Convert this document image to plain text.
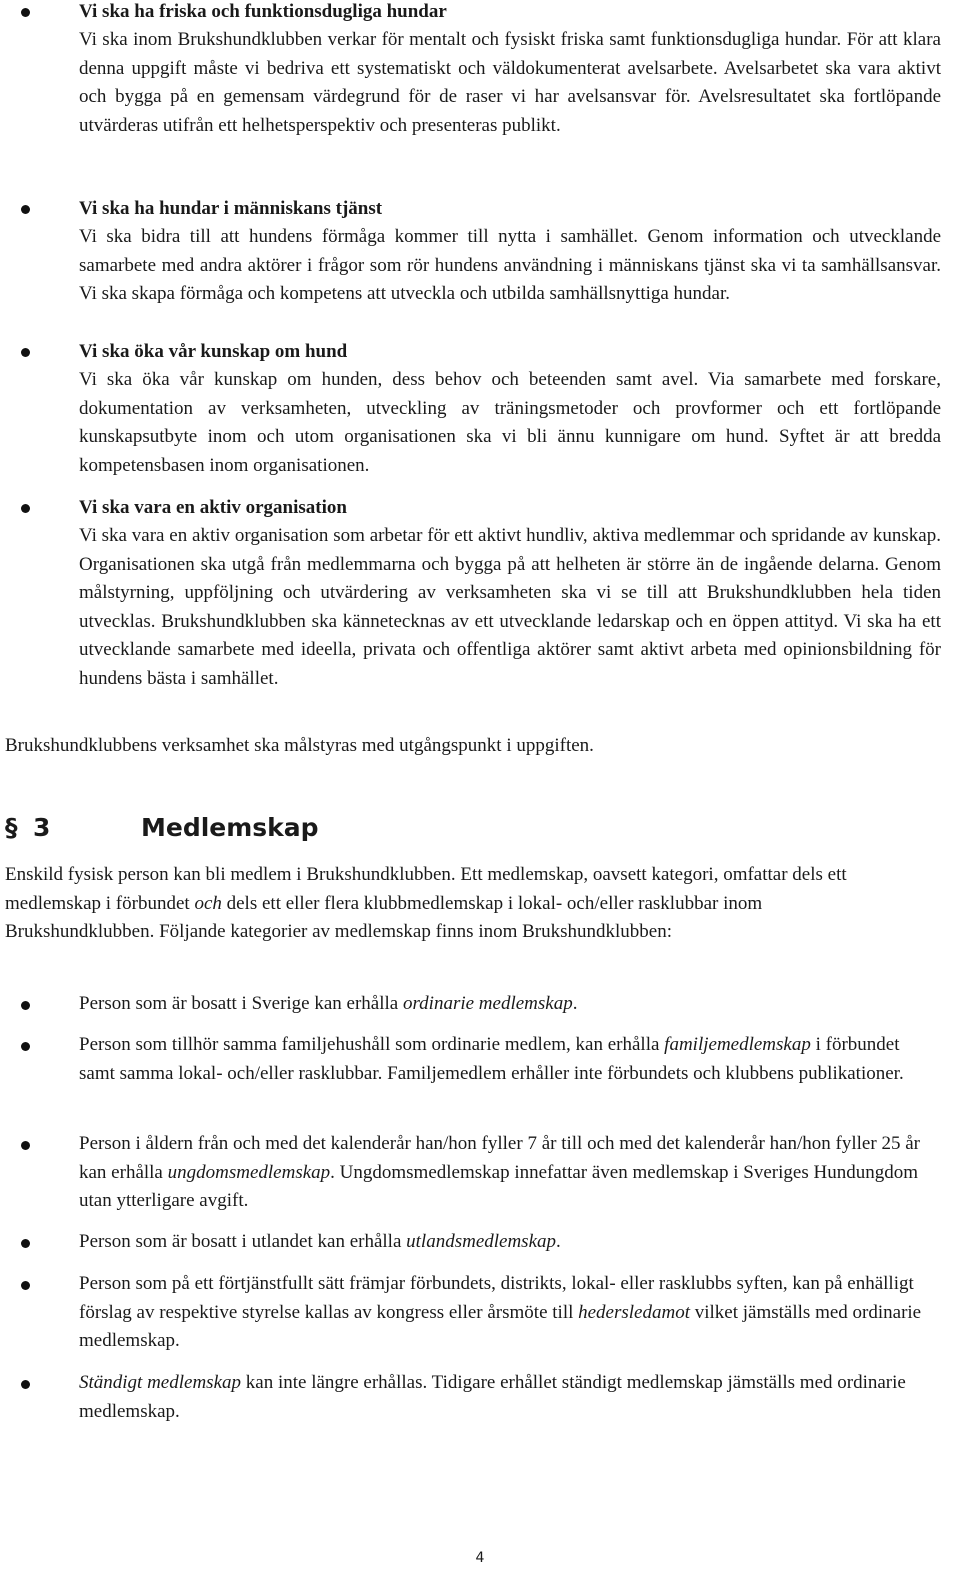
Vi ska ha friska och funktionsdugliga hundar
Vi ska inom Brukshundklubben verkar för mentalt och fysiskt friska samt funktionsdugliga hundar. För att klara denna uppgift måste vi bedriva ett systematiskt och väldokumenterat avelsarbete. Avelsarbetet ska vara aktivt och bygga på en gemensam värdegrund för de raser vi har avelsansvar för. Avelsresultatet ska fortlöpande utvärderas utifrån ett helhetsperspektiv och presenteras publikt.
Vi ska ha hundar i människans tjänst
Vi ska bidra till att hundens förmåga kommer till nytta i samhället. Genom information och utvecklande samarbete med andra aktörer i frågor som rör hundens användning i människans tjänst ska vi ta samhällsansvar. Vi ska skapa förmåga och kompetens att utveckla och utbilda samhällsnyttiga hundar.
Vi ska öka vår kunskap om hund
Vi ska öka vår kunskap om hunden, dess behov och beteenden samt avel. Via samarbete med forskare, dokumentation av verksamheten, utveckling av träningsmetoder och provformer och ett fortlöpande kunskapsutbyte inom och utom organisationen ska vi bli ännu kunnigare om hund. Syftet är att bredda kompetensbasen inom organisationen.
Vi ska vara en aktiv organisation
Vi ska vara en aktiv organisation som arbetar för ett aktivt hundliv, aktiva medlemmar och spridande av kunskap. Organisationen ska utgå från medlemmarna och bygga på att helheten är större än de ingående delarna. Genom målstyrning, uppföljning och utvärdering av verksamheten ska vi se till att Brukshundklubben hela tiden utvecklas. Brukshundklubben ska kännetecknas av ett utvecklande ledarskap och en öppen attityd. Vi ska ha ett utvecklande samarbete med ideella, privata och offentliga aktörer samt aktivt arbeta med opinionsbildning för hundens bästa i samhället.
Brukshundklubbens verksamhet ska målstyras med utgångspunkt i uppgiften.
§ 3	Medlemskap
Enskild fysisk person kan bli medlem i Brukshundklubben. Ett medlemskap, oavsett kategori, omfattar dels ett medlemskap i förbundet och dels ett eller flera klubbmedlemskap i lokal- och/eller rasklubbar inom Brukshundklubben. Följande kategorier av medlemskap finns inom Brukshundklubben:
Person som är bosatt i Sverige kan erhålla ordinarie medlemskap.
Person som tillhör samma familjehushåll som ordinarie medlem, kan erhålla familjemedlemskap i förbundet samt samma lokal- och/eller rasklubbar. Familjemedlem erhåller inte förbundets och klubbens publikationer.
Person i åldern från och med det kalenderår han/hon fyller 7 år till och med det kalenderår han/hon fyller 25 år kan erhålla ungdomsmedlemskap. Ungdomsmedlemskap innefattar även medlemskap i Sveriges Hundungdom utan ytterligare avgift.
Person som är bosatt i utlandet kan erhålla utlandsmedlemskap.
Person som på ett förtjänstfullt sätt främjar förbundets, distrikts, lokal- eller rasklubbs syften, kan på enhälligt förslag av respektive styrelse kallas av kongress eller årsmöte till hedersledamot vilket jämställs med ordinarie medlemskap.
Ständigt medlemskap kan inte längre erhållas. Tidigare erhållet ständigt medlemskap jämställs med ordinarie medlemskap.
4
